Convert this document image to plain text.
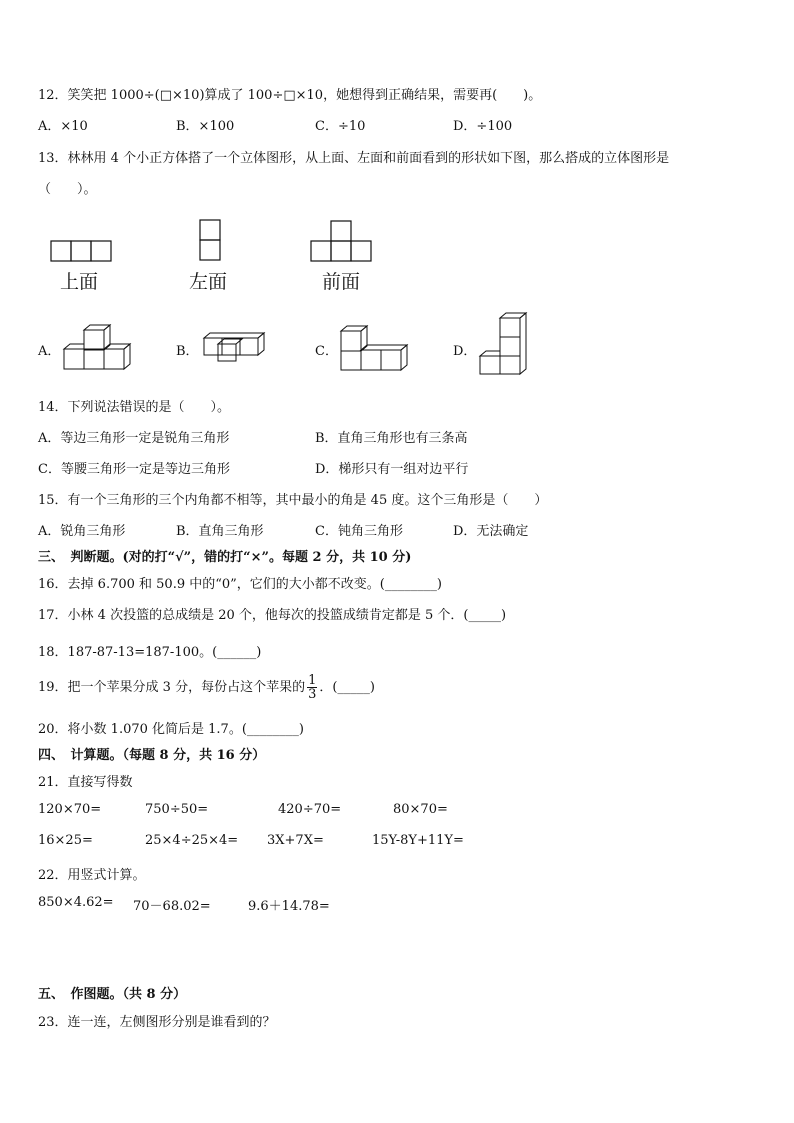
12．笑笑把 1000÷(□×10)算成了 100÷□×10，她想得到正确结果，需要再(　　)。
A．×10	B．×100	C．÷10	D．÷100
13．林林用 4 个小正方体搭了一个立体图形，从上面、左面和前面看到的形状如下图，那么搭成的立体图形是
（　　）。
上面	左面	前面
A．	B．	C．	D．
14．下列说法错误的是（　　）。
A．等边三角形一定是锐角三角形	B．直角三角形也有三条高
C．等腰三角形一定是等边三角形	D．梯形只有一组对边平行
15．有一个三角形的三个内角都不相等，其中最小的角是 45 度。这个三角形是（　　）
A．锐角三角形	B．直角三角形	C．钝角三角形	D．无法确定
三、　判断题。(对的打“√”，错的打“×”。每题 2 分，共 10 分)
16．去掉 6.700 和 50.9 中的“0”，它们的大小都不改变。(________)
17．小林 4 次投篮的总成绩是 20 个，他每次的投篮成绩肯定都是 5 个．(_____)
18．187-87-13=187-100。(______)
19．把一个苹果分成 3 分，每份占这个苹果的 $\frac{1}{3}$ ．(_____)
20．将小数 1.070 化简后是 1.7。(________)
四、　计算题。（每题 8 分，共 16 分）
21．直接写得数
120×70=	750÷50=	420÷70=	80×70=
16×25=	25×4÷25×4= 3X+7X=	15Y-8Y+11Y=
22．用竖式计算。
850×4.62= 70－68.02=	9.6＋14.78=
五、　作图题。（共 8 分）
23．连一连，左侧图形分别是谁看到的？
